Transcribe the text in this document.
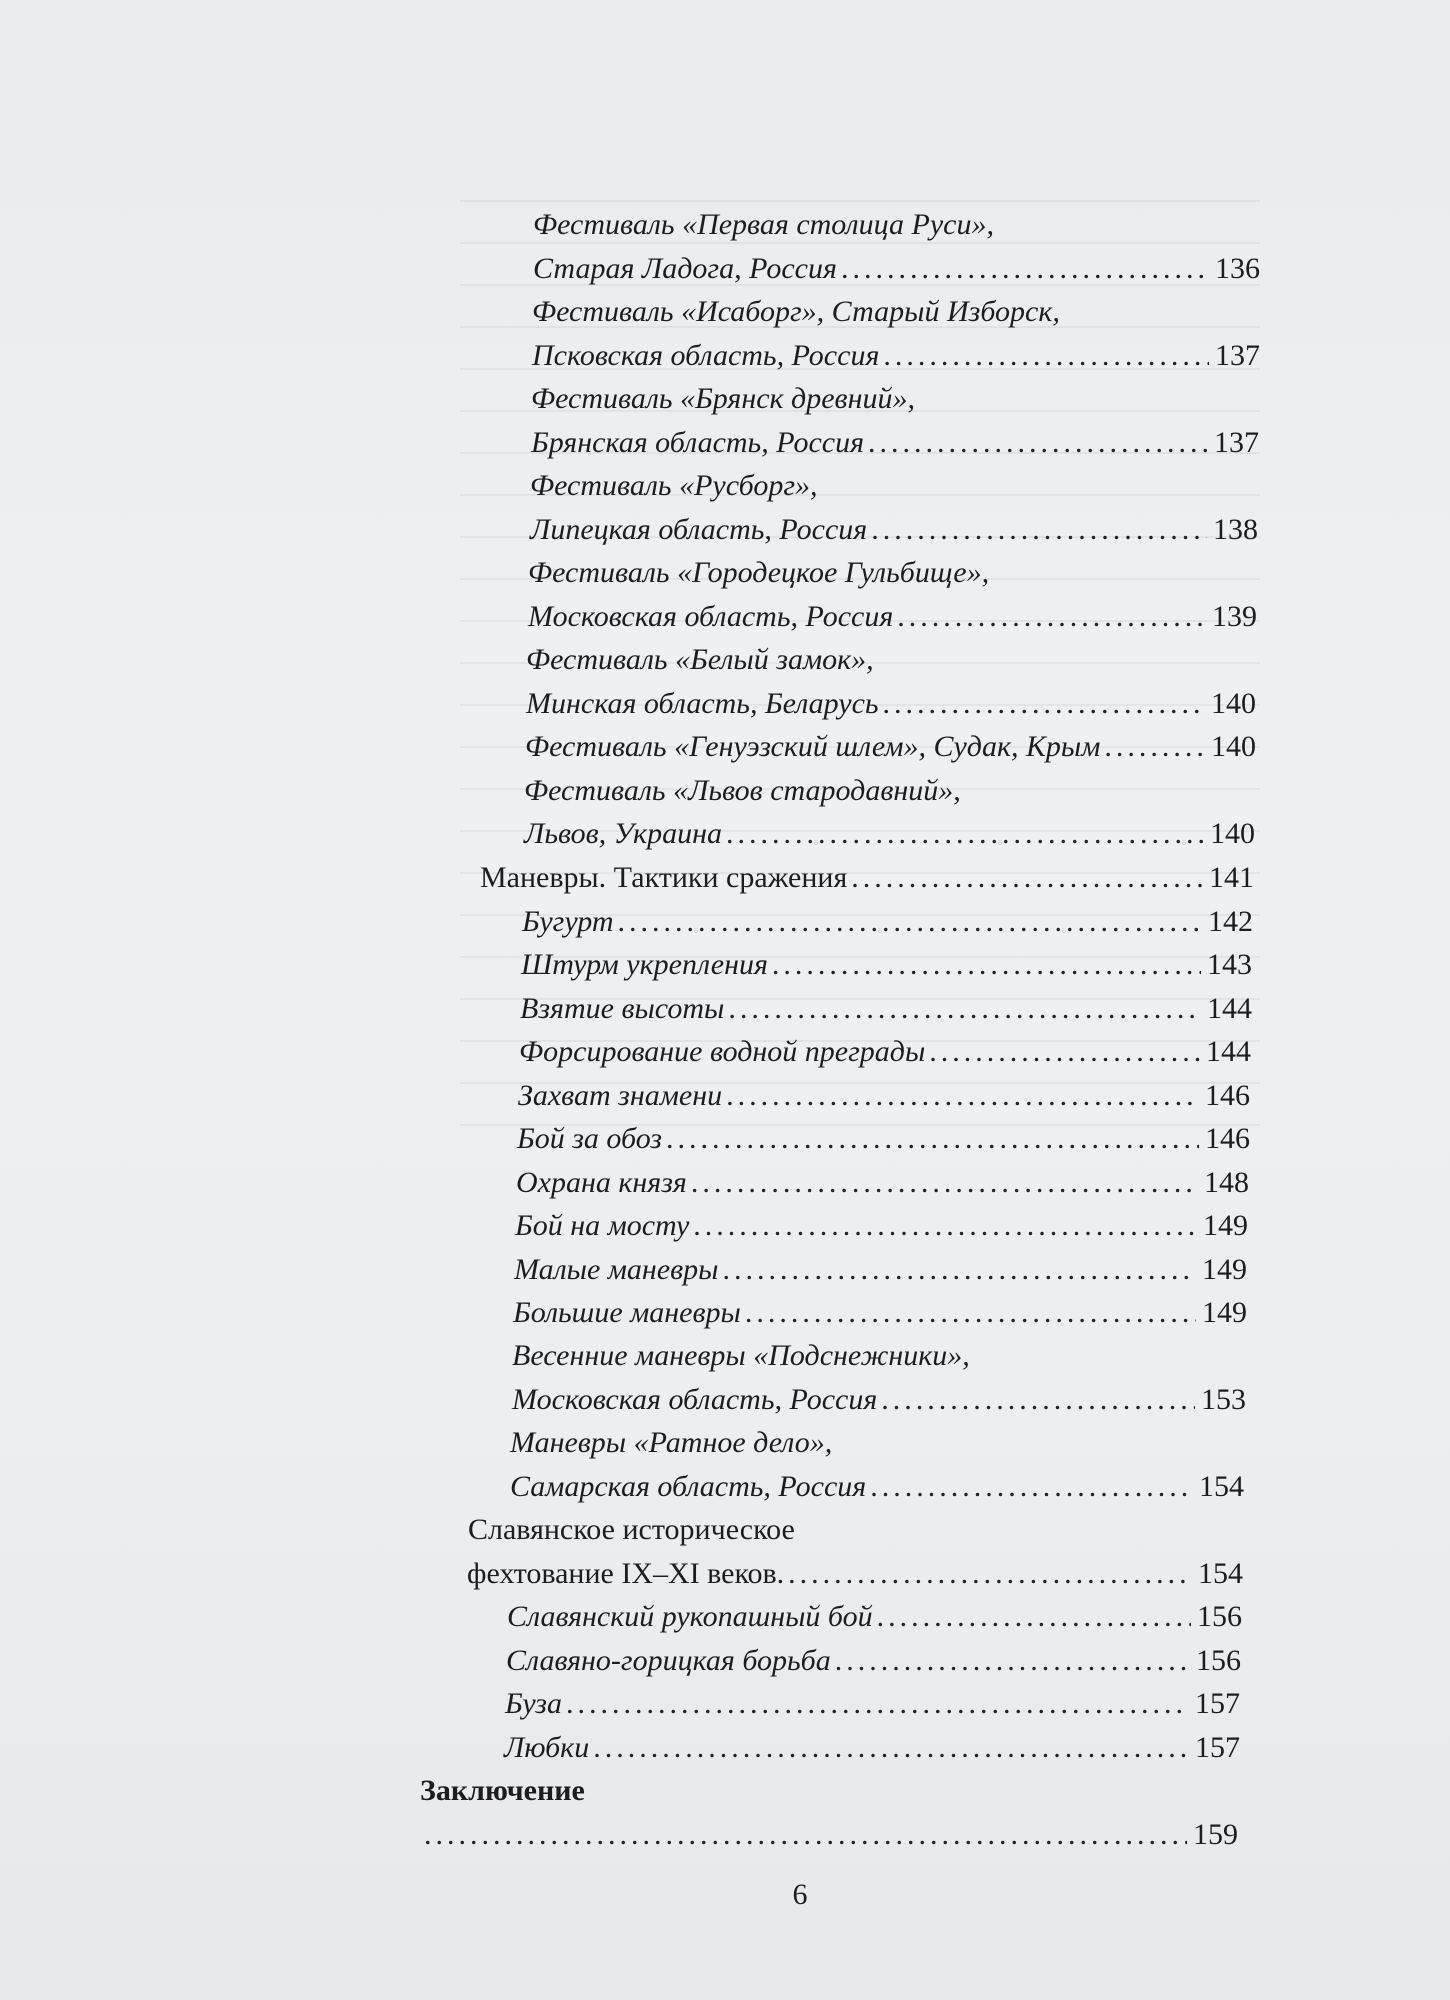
Фестиваль «Первая столица Руси»,
Старая Ладога, Россия .....	136
Фестиваль «Исаборг», Старый Изборск,
Псковская область, Россия .....	137
Фестиваль «Брянск древний»,
Брянская область, Россия .....	137
Фестиваль «Русборг»,
Липецкая область, Россия .....	138
Фестиваль «Городецкое Гульбище»,
Московская область, Россия .....	139
Фестиваль «Белый замок»,
Минская область, Беларусь .....	140
Фестиваль «Генуэзский шлем», Судак, Крым .....	140
Фестиваль «Львов стародавний»,
Львов, Украина .....	140
Маневры. Тактики сражения .....	141
Бугурт .....	142
Штурм укрепления .....	143
Взятие высоты .....	144
Форсирование водной преграды .....	144
Захват знамени .....	146
Бой за обоз .....	146
Охрана князя .....	148
Бой на мосту .....	149
Малые маневры .....	149
Большие маневры .....	149
Весенние маневры «Подснежники»,
Московская область, Россия .....	153
Маневры «Ратное дело»,
Самарская область, Россия .....	154
Славянское историческое
фехтование IX–XI веков. .....	154
Славянский рукопашный бой .....	156
Славяно-горицкая борьба .....	156
Буза .....	157
Любки .....	157
Заключение
.....
159
6
